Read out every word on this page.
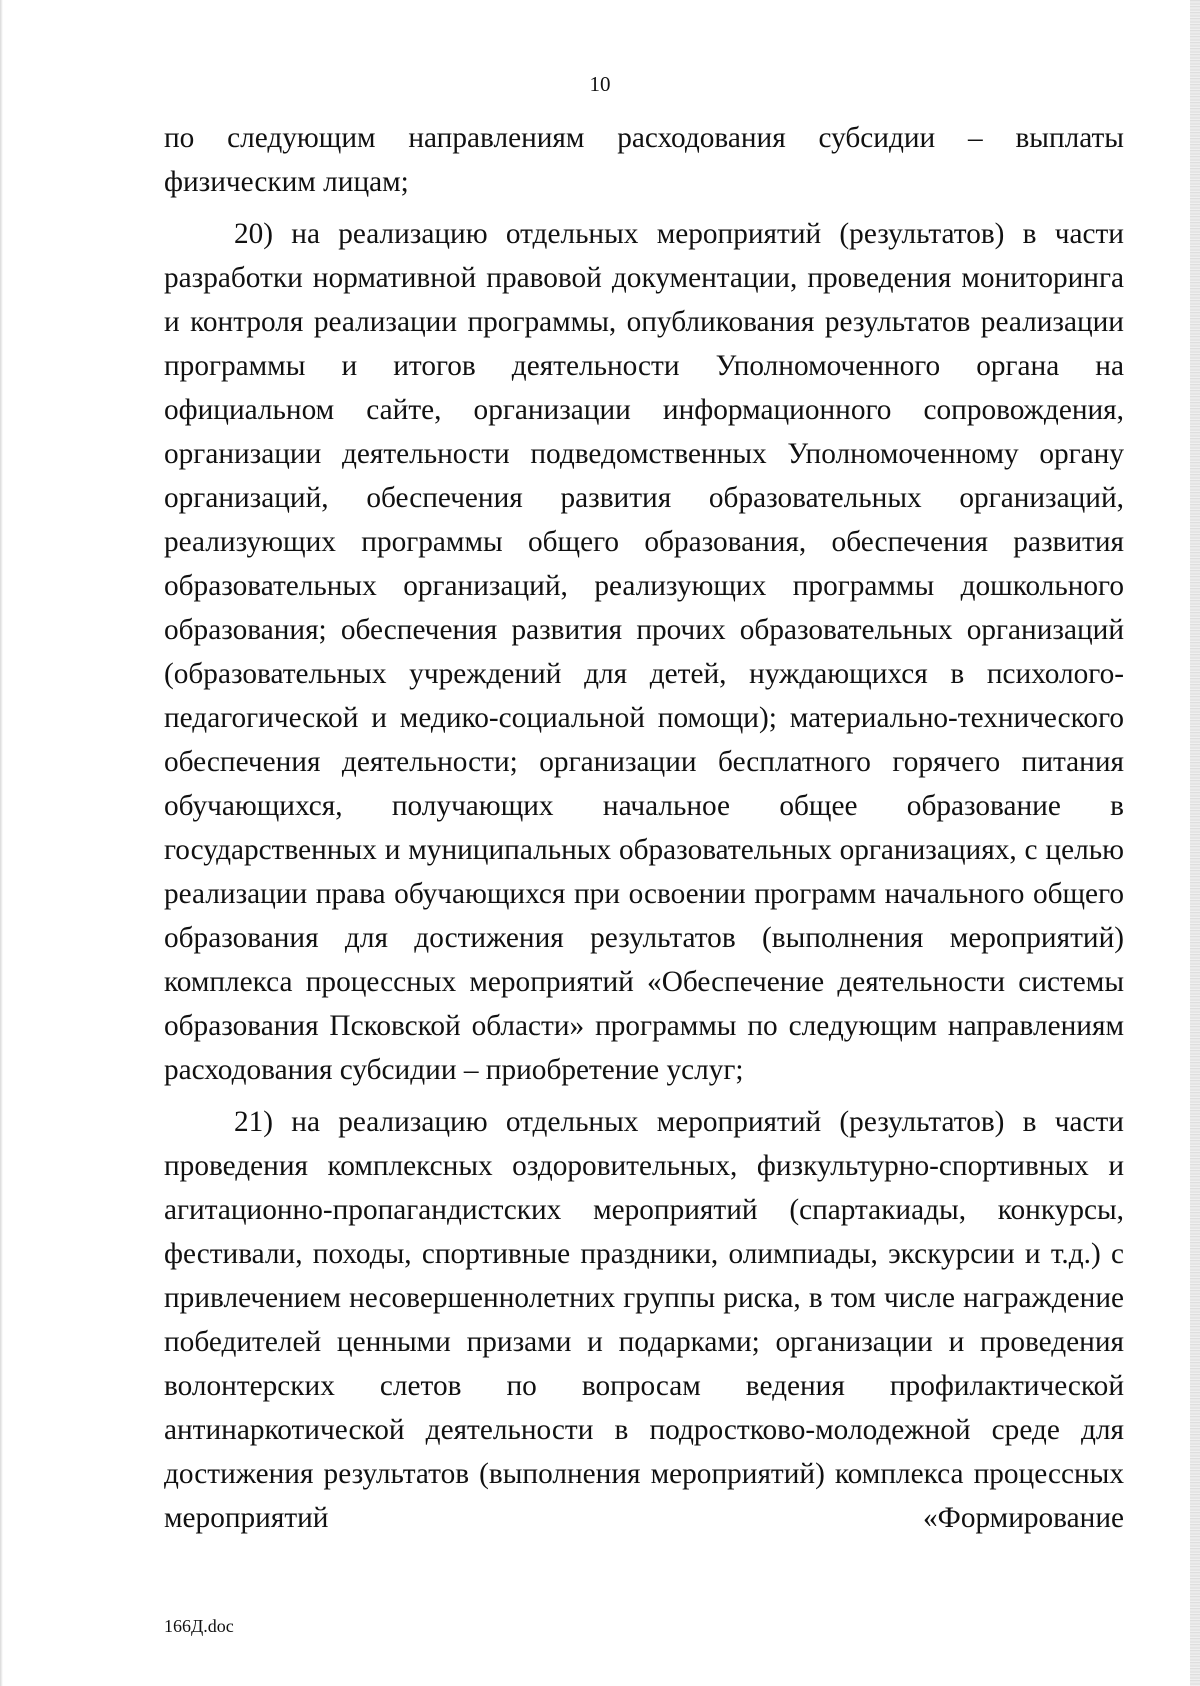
10

по следующим направлениям расходования субсидии – выплаты физическим лицам;

20) на реализацию отдельных мероприятий (результатов) в части разработки нормативной правовой документации, проведения мониторинга и контроля реализации программы, опубликования результатов реализации программы и итогов деятельности Уполномоченного органа на официальном сайте, организации информационного сопровождения, организации деятельности подведомственных Уполномоченному органу организаций, обеспечения развития образовательных организаций, реализующих программы общего образования, обеспечения развития образовательных организаций, реализующих программы дошкольного образования; обеспечения развития прочих образовательных организаций (образовательных учреждений для детей, нуждающихся в психолого-педагогической и медико-социальной помощи); материально-технического обеспечения деятельности; организации бесплатного горячего питания обучающихся, получающих начальное общее образование в государственных и муниципальных образовательных организациях, с целью реализации права обучающихся при освоении программ начального общего образования для достижения результатов (выполнения мероприятий) комплекса процессных мероприятий «Обеспечение деятельности системы образования Псковской области» программы по следующим направлениям расходования субсидии – приобретение услуг;

21) на реализацию отдельных мероприятий (результатов) в части проведения комплексных оздоровительных, физкультурно-спортивных и агитационно-пропагандистских мероприятий (спартакиады, конкурсы, фестивали, походы, спортивные праздники, олимпиады, экскурсии и т.д.) с привлечением несовершеннолетних группы риска, в том числе награждение победителей ценными призами и подарками; организации и проведения волонтерских слетов по вопросам ведения профилактической антинаркотической деятельности в подростково-молодежной среде для достижения результатов (выполнения мероприятий) комплекса процессных мероприятий «Формирование

166Д.doc
